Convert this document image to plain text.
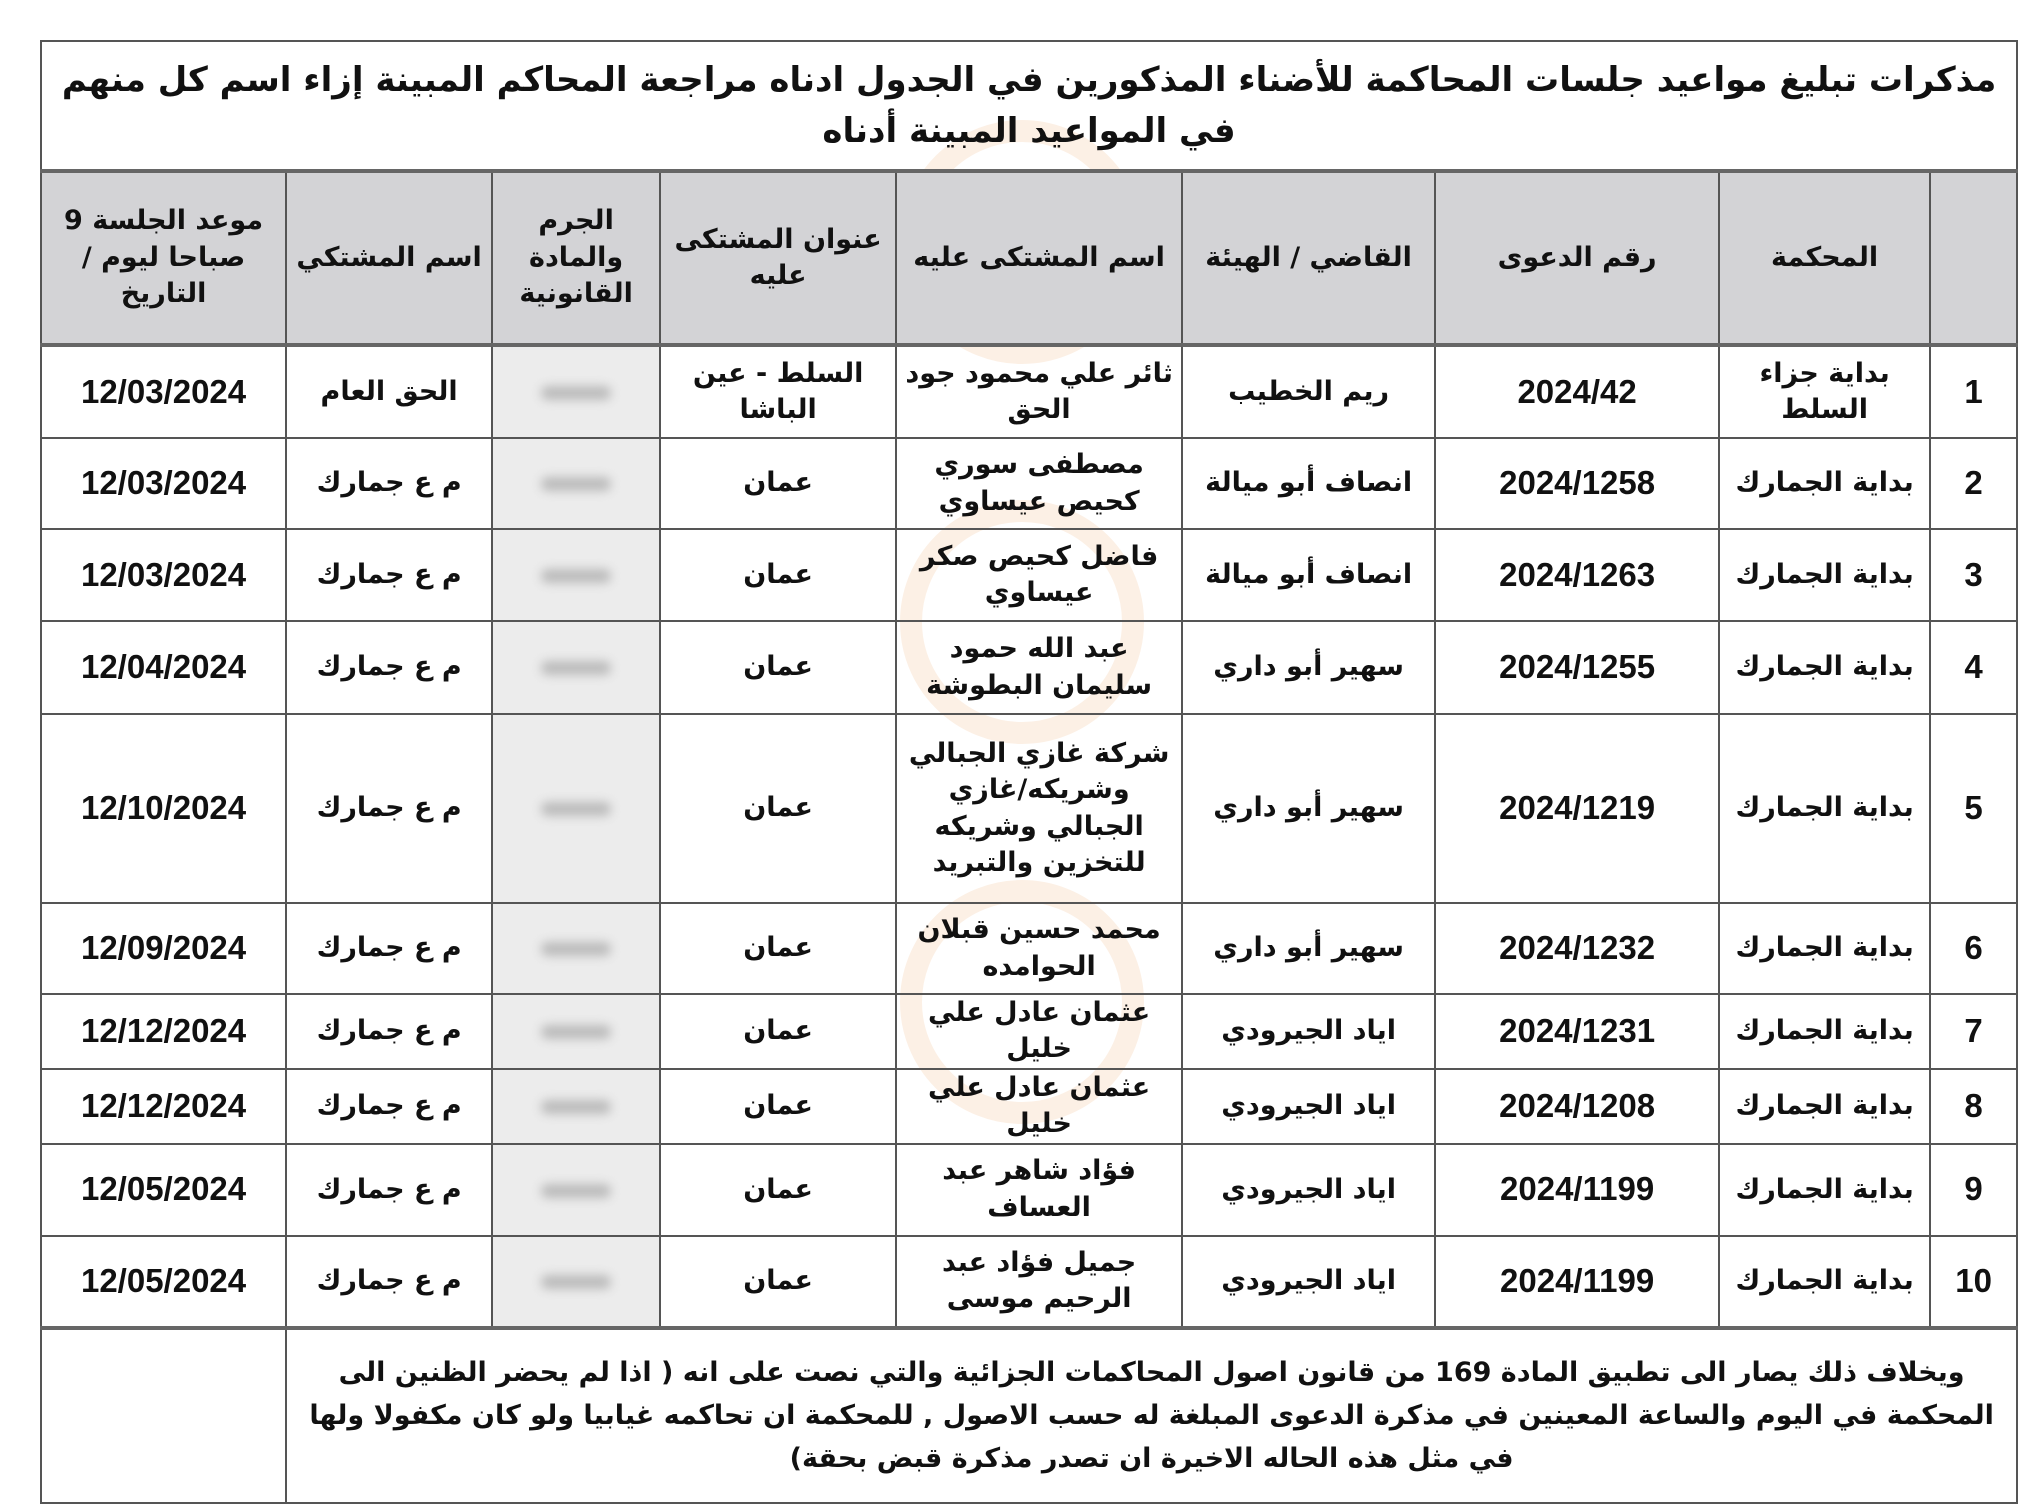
مذكرات تبليغ مواعيد جلسات المحاكمة للأضناء المذكورين في الجدول ادناه مراجعة المحاكم المبينة إزاء اسم كل منهم في المواعيد المبينة أدناه								
	المحكمة	رقم الدعوى	القاضي / الهيئة	اسم المشتكى عليه	عنوان المشتكى عليه	الجرم والمادة القانونية	اسم المشتكي	موعد الجلسة 9 صباحا ليوم / التاريخ
1	بداية جزاء السلط	2024/42	ريم الخطيب	ثائر علي محمود جود الحق	السلط - عين الباشا		الحق العام	12/03/2024
2	بداية الجمارك	2024/1258	انصاف أبو ميالة	مصطفى سوري كحيص عيساوي	عمان		م ع جمارك	12/03/2024
3	بداية الجمارك	2024/1263	انصاف أبو ميالة	فاضل كحيص صكر عيساوي	عمان		م ع جمارك	12/03/2024
4	بداية الجمارك	2024/1255	سهير أبو داري	عبد الله حمود سليمان البطوشة	عمان		م ع جمارك	12/04/2024
5	بداية الجمارك	2024/1219	سهير أبو داري	شركة غازي الجبالي وشريكه/غازي الجبالي وشريكه للتخزين والتبريد	عمان		م ع جمارك	12/10/2024
6	بداية الجمارك	2024/1232	سهير أبو داري	محمد حسين قبلان الحوامده	عمان		م ع جمارك	12/09/2024
7	بداية الجمارك	2024/1231	اياد الجيرودي	عثمان عادل علي خليل	عمان		م ع جمارك	12/12/2024
8	بداية الجمارك	2024/1208	اياد الجيرودي	عثمان عادل علي خليل	عمان		م ع جمارك	12/12/2024
9	بداية الجمارك	2024/1199	اياد الجيرودي	فؤاد شاهر عبد العساف	عمان		م ع جمارك	12/05/2024
10	بداية الجمارك	2024/1199	اياد الجيرودي	جميل فؤاد عبد الرحيم موسى	عمان		م ع جمارك	12/05/2024
ويخلاف ذلك يصار الى تطبيق المادة 169 من قانون اصول المحاكمات الجزائية والتي نصت على انه ( اذا لم يحضر الظنين الى المحكمة في اليوم والساعة المعينين في مذكرة الدعوى المبلغة له حسب الاصول , للمحكمة ان تحاكمه غيابيا ولو كان مكفولا ولها في مثل هذه الحاله الاخيرة ان تصدر مذكرة قبض بحقة)								
